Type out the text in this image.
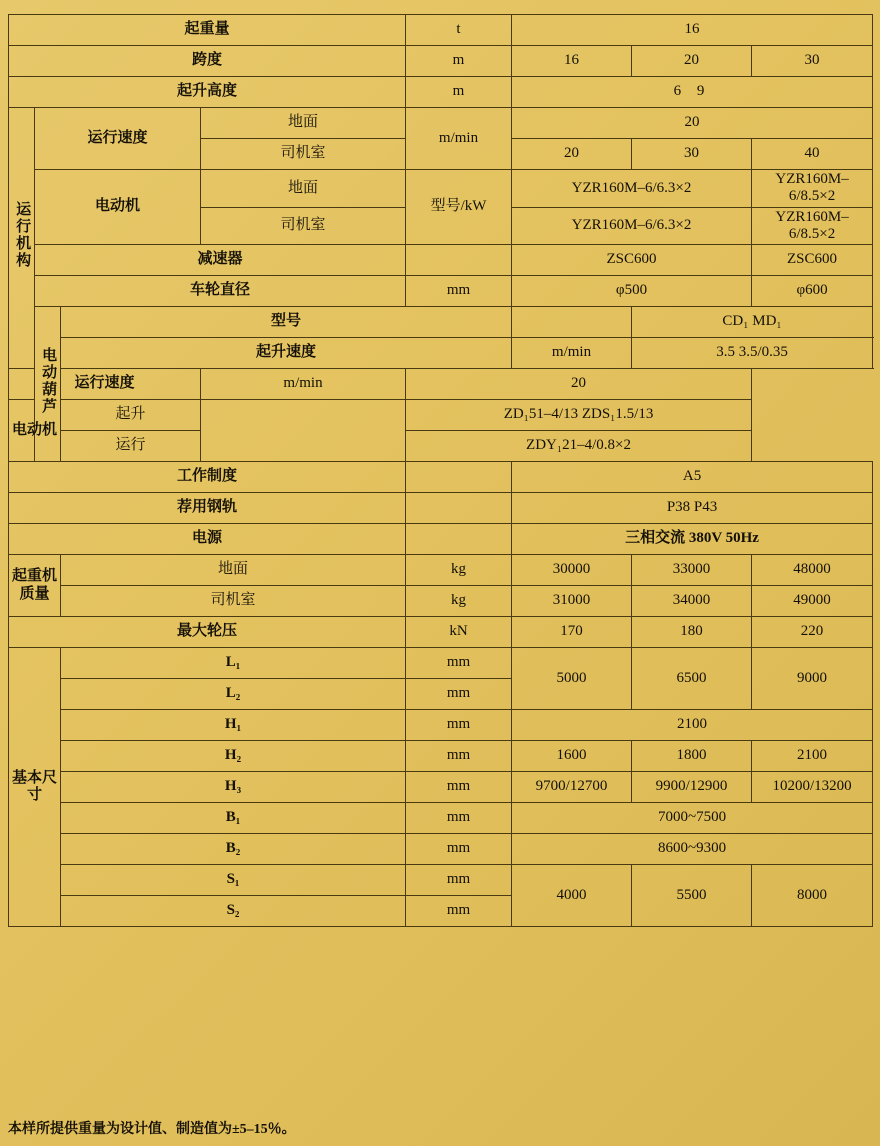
起重量				t	16		
跨度				m	16	20	30
起升高度				m	6 9		
运行机构	运行速度		地面	m/min	20		
			司机室		20	30	40
	电动机		地面	型号/kW	YZR160M–6/6.3×2		YZR160M–6/8.5×2
			司机室		YZR160M–6/6.3×2		YZR160M–6/8.5×2
	减速器				ZSC600		ZSC600
	车轮直径			mm	φ500		φ600
	电动葫芦	型号				CD₁ MD₁	
		起升速度			m/min	3.5 3.5/0.35	
运行速度			m/min	20			
电动机		起升		ZD₁51–4/13 ZDS₁1.5/13			
		运行		ZDY₁21–4/0.8×2			
工作制度					A5		
荐用钢轨					P38 P43		
电源					三相交流 380V 50Hz		
起重机质量		地面		kg	30000	33000	48000
		司机室		kg	31000	34000	49000
最大轮压				kN	170	180	220
基本尺寸		L₁		mm	5000	6500	9000
		L₂		mm			
		H₁		mm	2100		
		H₂		mm	1600	1800	2100
		H₃		mm	9700/12700	9900/12900	10200/13200
		B₁		mm	7000~7500		
		B₂		mm	8600~9300		
		S₁		mm	4000	5500	8000
		S₂		mm			
本样所提供重量为设计值、制造值为±5–15％。
